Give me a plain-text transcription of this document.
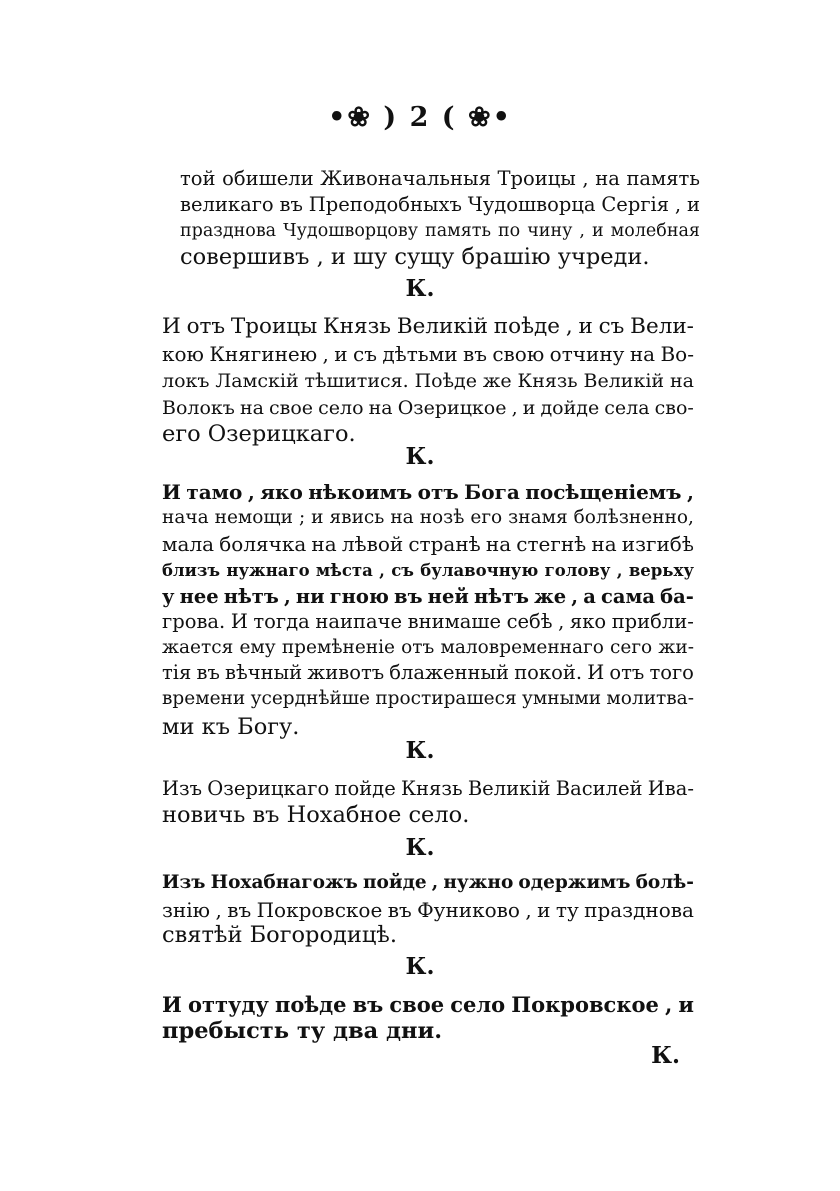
•❀ ) 2 ( ❀•
той обишели Живоначальныя Троицы , на память
великаго въ Преподобныхъ Чудошворца Сергія , и
празднова Чудошворцову память по чину , и молебная
совершивъ , и шу сущу брашію учреди.
К.
И отъ Троицы Князь Великій поѣде , и съ Вели-
кою Княгинею , и съ дѣтьми въ свою отчину на Во-
локъ Ламскій тѣшитися. Поѣде же Князь Великій на
Волокъ на свое село на Озерицкое , и дойде села сво-
его Озерицкаго.
К.
И тамо , яко нѣкоимъ отъ Бога посѣщеніемъ ,
нача немощи ; и явись на нозѣ его знамя болѣзненно,
мала болячка на лѣвой странѣ на стегнѣ на изгибѣ
близъ нужнаго мѣста , съ булавочную голову , верьху
у нее нѣтъ , ни гною въ ней нѣтъ же , а сама ба-
грова. И тогда наипаче внимаше себѣ , яко прибли-
жается ему премѣненіе отъ маловременнаго сего жи-
тія въ вѣчный животъ блаженный покой. И отъ того
времени усерднѣйше простирашеся умными молитва-
ми къ Богу.
К.
Изъ Озерицкаго пойде Князь Великій Василей Ива-
новичь въ Нохабное село.
К.
Изъ Нохабнагожъ пойде , нужно одержимъ болѣ-
знію , въ Покровское въ Фуниково , и ту празднова
святѣй Богородицѣ.
К.
И оттуду поѣде въ свое село Покровское , и
пребысть ту два дни.
К.
